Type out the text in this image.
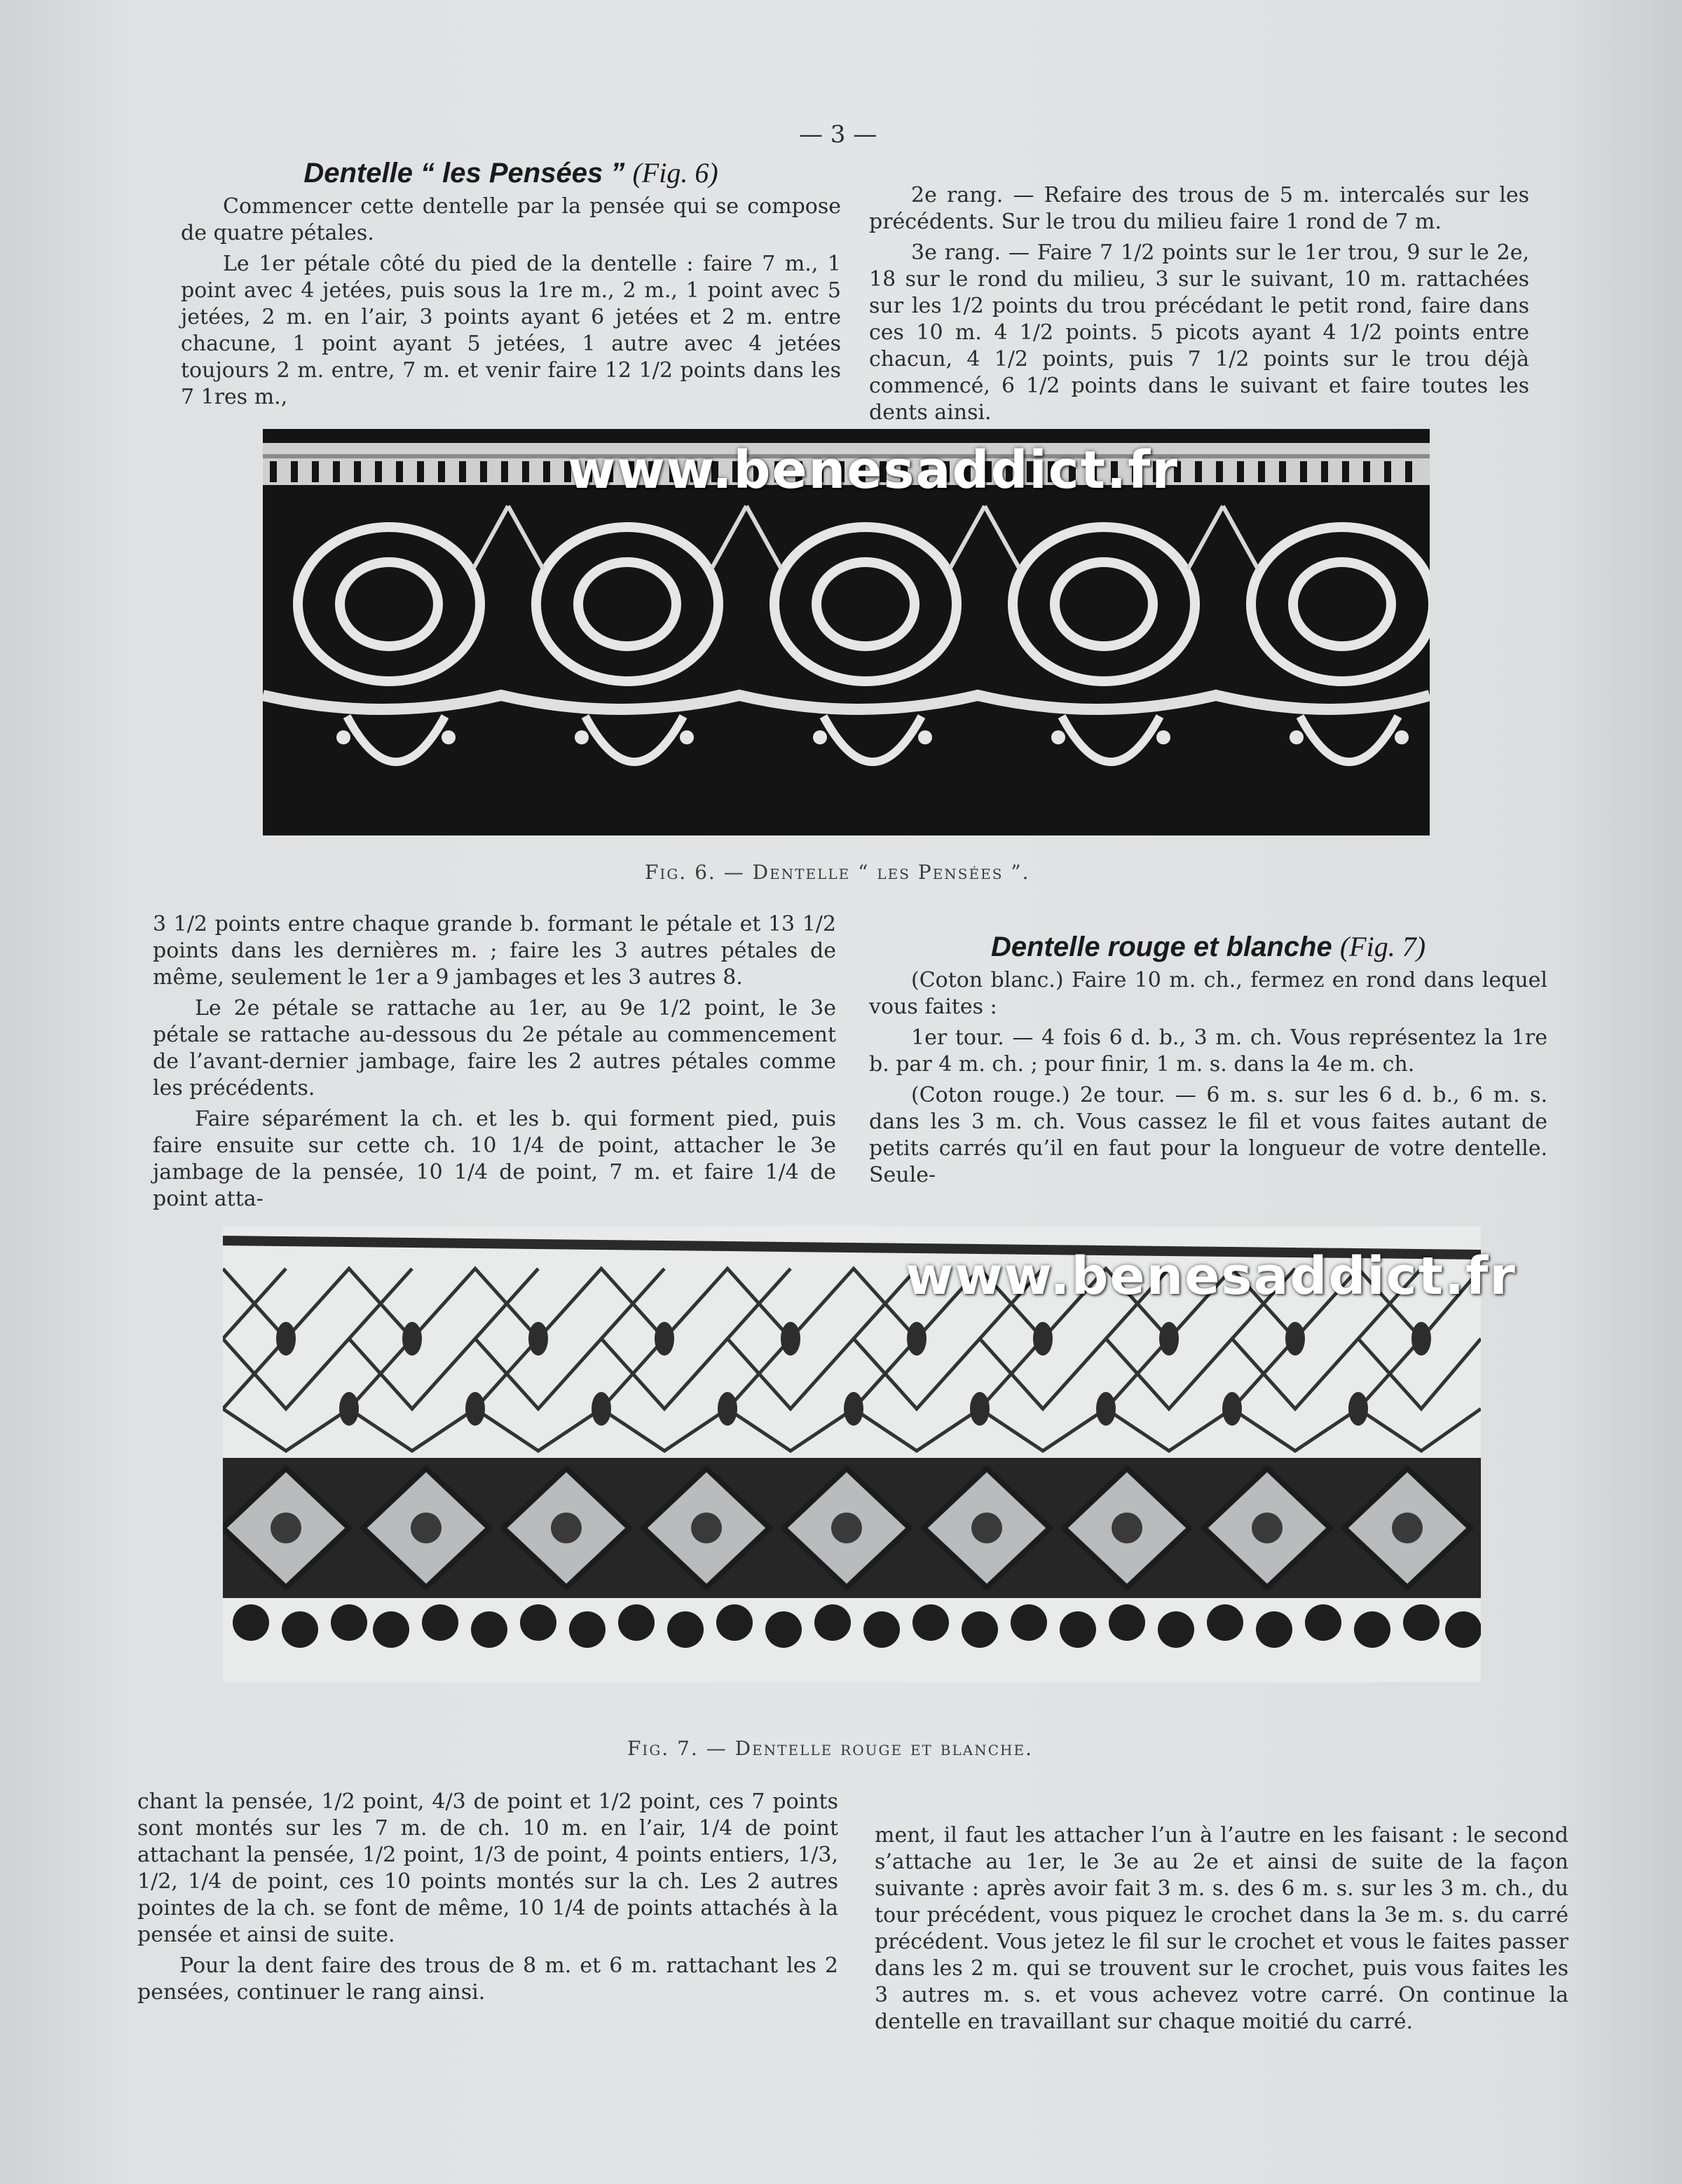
— 3 —
Dentelle “ les Pensées ” (Fig. 6)

Commencer cette dentelle par la pensée qui se compose de quatre pétales.

Le 1er pétale côté du pied de la dentelle : faire 7 m., 1 point avec 4 jetées, puis sous la 1re m., 2 m., 1 point avec 5 jetées, 2 m. en l’air, 3 points ayant 6 jetées et 2 m. entre chacune, 1 point ayant 5 jetées, 1 autre avec 4 jetées toujours 2 m. entre, 7 m. et venir faire 12 1/2 points dans les 7 1res m.,

2e rang. — Refaire des trous de 5 m. intercalés sur les précédents. Sur le trou du milieu faire 1 rond de 7 m.

3e rang. — Faire 7 1/2 points sur le 1er trou, 9 sur le 2e, 18 sur le rond du milieu, 3 sur le suivant, 10 m. rattachées sur les 1/2 points du trou précédant le petit rond, faire dans ces 10 m. 4 1/2 points. 5 picots ayant 4 1/2 points entre chacun, 4 1/2 points, puis 7 1/2 points sur le trou déjà commencé, 6 1/2 points dans le suivant et faire toutes les dents ainsi.

www.benesaddict.fr
Fig. 6. — Dentelle “ les Pensées ”.

3 1/2 points entre chaque grande b. formant le pétale et 13 1/2 points dans les dernières m. ; faire les 3 autres pétales de même, seulement le 1er a 9 jambages et les 3 autres 8.

Le 2e pétale se rattache au 1er, au 9e 1/2 point, le 3e pétale se rattache au-dessous du 2e pétale au commencement de l’avant-dernier jambage, faire les 2 autres pétales comme les précédents.

Faire séparément la ch. et les b. qui forment pied, puis faire ensuite sur cette ch. 10 1/4 de point, attacher le 3e jambage de la pensée, 10 1/4 de point, 7 m. et faire 1/4 de point atta-

Dentelle rouge et blanche (Fig. 7)

(Coton blanc.) Faire 10 m. ch., fermez en rond dans lequel vous faites :

1er tour. — 4 fois 6 d. b., 3 m. ch. Vous représentez la 1re b. par 4 m. ch. ; pour finir, 1 m. s. dans la 4e m. ch.

(Coton rouge.) 2e tour. — 6 m. s. sur les 6 d. b., 6 m. s. dans les 3 m. ch. Vous cassez le fil et vous faites autant de petits carrés qu’il en faut pour la longueur de votre dentelle. Seule-

www.benesaddict.fr
Fig. 7. — Dentelle rouge et blanche.

chant la pensée, 1/2 point, 4/3 de point et 1/2 point, ces 7 points sont montés sur les 7 m. de ch. 10 m. en l’air, 1/4 de point attachant la pensée, 1/2 point, 1/3 de point, 4 points entiers, 1/3, 1/2, 1/4 de point, ces 10 points montés sur la ch. Les 2 autres pointes de la ch. se font de même, 10 1/4 de points attachés à la pensée et ainsi de suite.

Pour la dent faire des trous de 8 m. et 6 m. rattachant les 2 pensées, continuer le rang ainsi.

ment, il faut les attacher l’un à l’autre en les faisant : le second s’attache au 1er, le 3e au 2e et ainsi de suite de la façon suivante : après avoir fait 3 m. s. des 6 m. s. sur les 3 m. ch., du tour précédent, vous piquez le crochet dans la 3e m. s. du carré précédent. Vous jetez le fil sur le crochet et vous le faites passer dans les 2 m. qui se trouvent sur le crochet, puis vous faites les 3 autres m. s. et vous achevez votre carré. On continue la dentelle en travaillant sur chaque moitié du carré.
